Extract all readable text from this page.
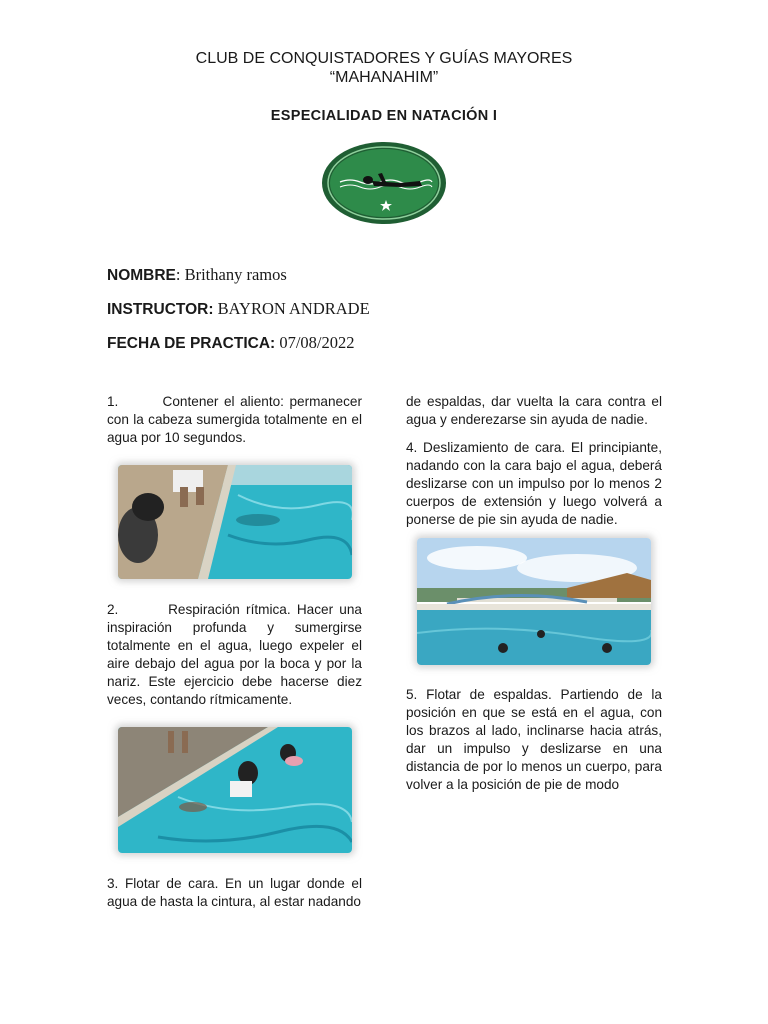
CLUB DE CONQUISTADORES Y GUÍAS MAYORES
“MAHANAHIM”
ESPECIALIDAD EN NATACIÓN I
NOMBRE: Brithany ramos
INSTRUCTOR: BAYRON ANDRADE
FECHA DE PRACTICA: 07/08/2022
1.        Contener el aliento: permanecer con la cabeza sumergida totalmente en el agua por 10 segundos.
2.        Respiración rítmica. Hacer una inspiración profunda y sumergirse totalmente en el agua, luego expeler el aire debajo del agua por la boca y por la nariz. Este ejercicio debe hacerse diez veces, contando rítmicamente.
3. Flotar de cara. En un lugar donde el agua de hasta la cintura, al estar nadando
de espaldas, dar vuelta la cara contra el agua y enderezarse sin ayuda de nadie.
4. Deslizamiento de cara. El principiante, nadando con la cara bajo el agua, deberá deslizarse con un impulso por lo menos 2 cuerpos de extensión y luego volverá a ponerse de pie sin ayuda de nadie.
5. Flotar de espaldas. Partiendo de la posición en que se está en el agua, con los brazos al lado, inclinarse hacia atrás, dar un impulso y deslizarse en una distancia de por lo menos un cuerpo, para volver a la posición de pie de modo
